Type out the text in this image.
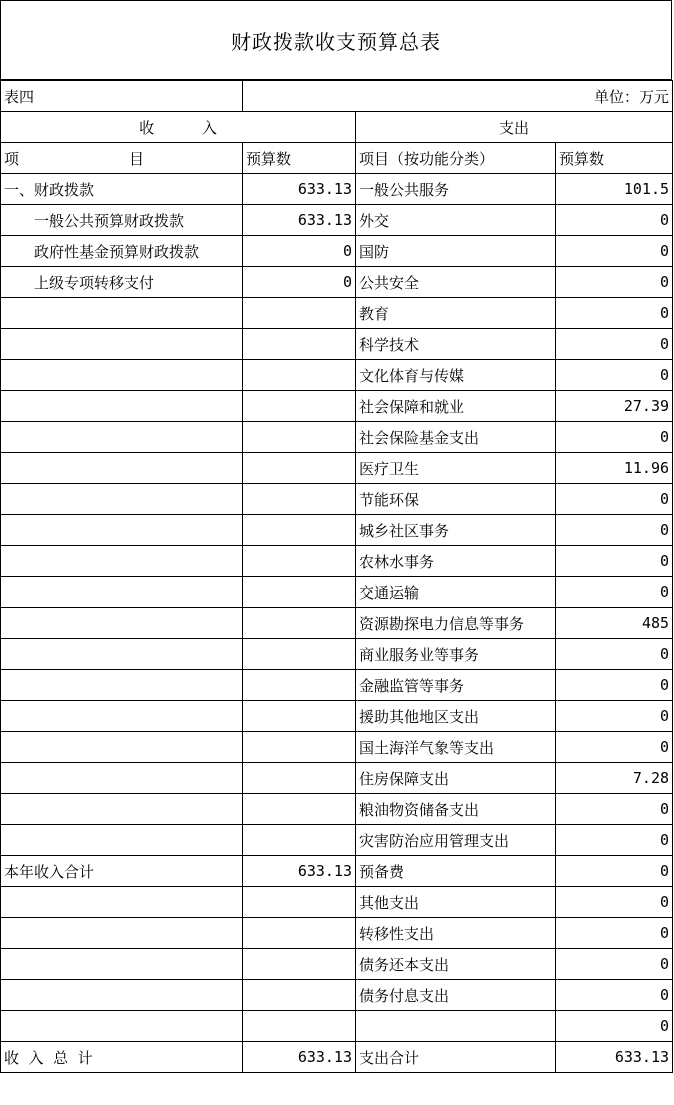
财政拨款收支预算总表
表四	单位：万元		
收          入		支出	

项 目	预算数	项目（按功能分类）	预算数
一、财政拨款	633.13	一般公共服务	101.5
一般公共预算财政拨款	633.13	外交	0
政府性基金预算财政拨款	0	国防	0
上级专项转移支付	0	公共安全	0
		教育	0
		科学技术	0
		文化体育与传媒	0
		社会保障和就业	27.39
		社会保险基金支出	0
		医疗卫生	11.96
		节能环保	0
		城乡社区事务	0
		农林水事务	0
		交通运输	0
		资源勘探电力信息等事务	485
		商业服务业等事务	0
		金融监管等事务	0
		援助其他地区支出	0
		国土海洋气象等支出	0
		住房保障支出	7.28
		粮油物资储备支出	0
		灾害防治应用管理支出	0
本年收入合计	633.13	预备费	0
		其他支出	0
		转移性支出	0
		债务还本支出	0
		债务付息支出	0
			0
收  入  总  计	633.13	支出合计	633.13
